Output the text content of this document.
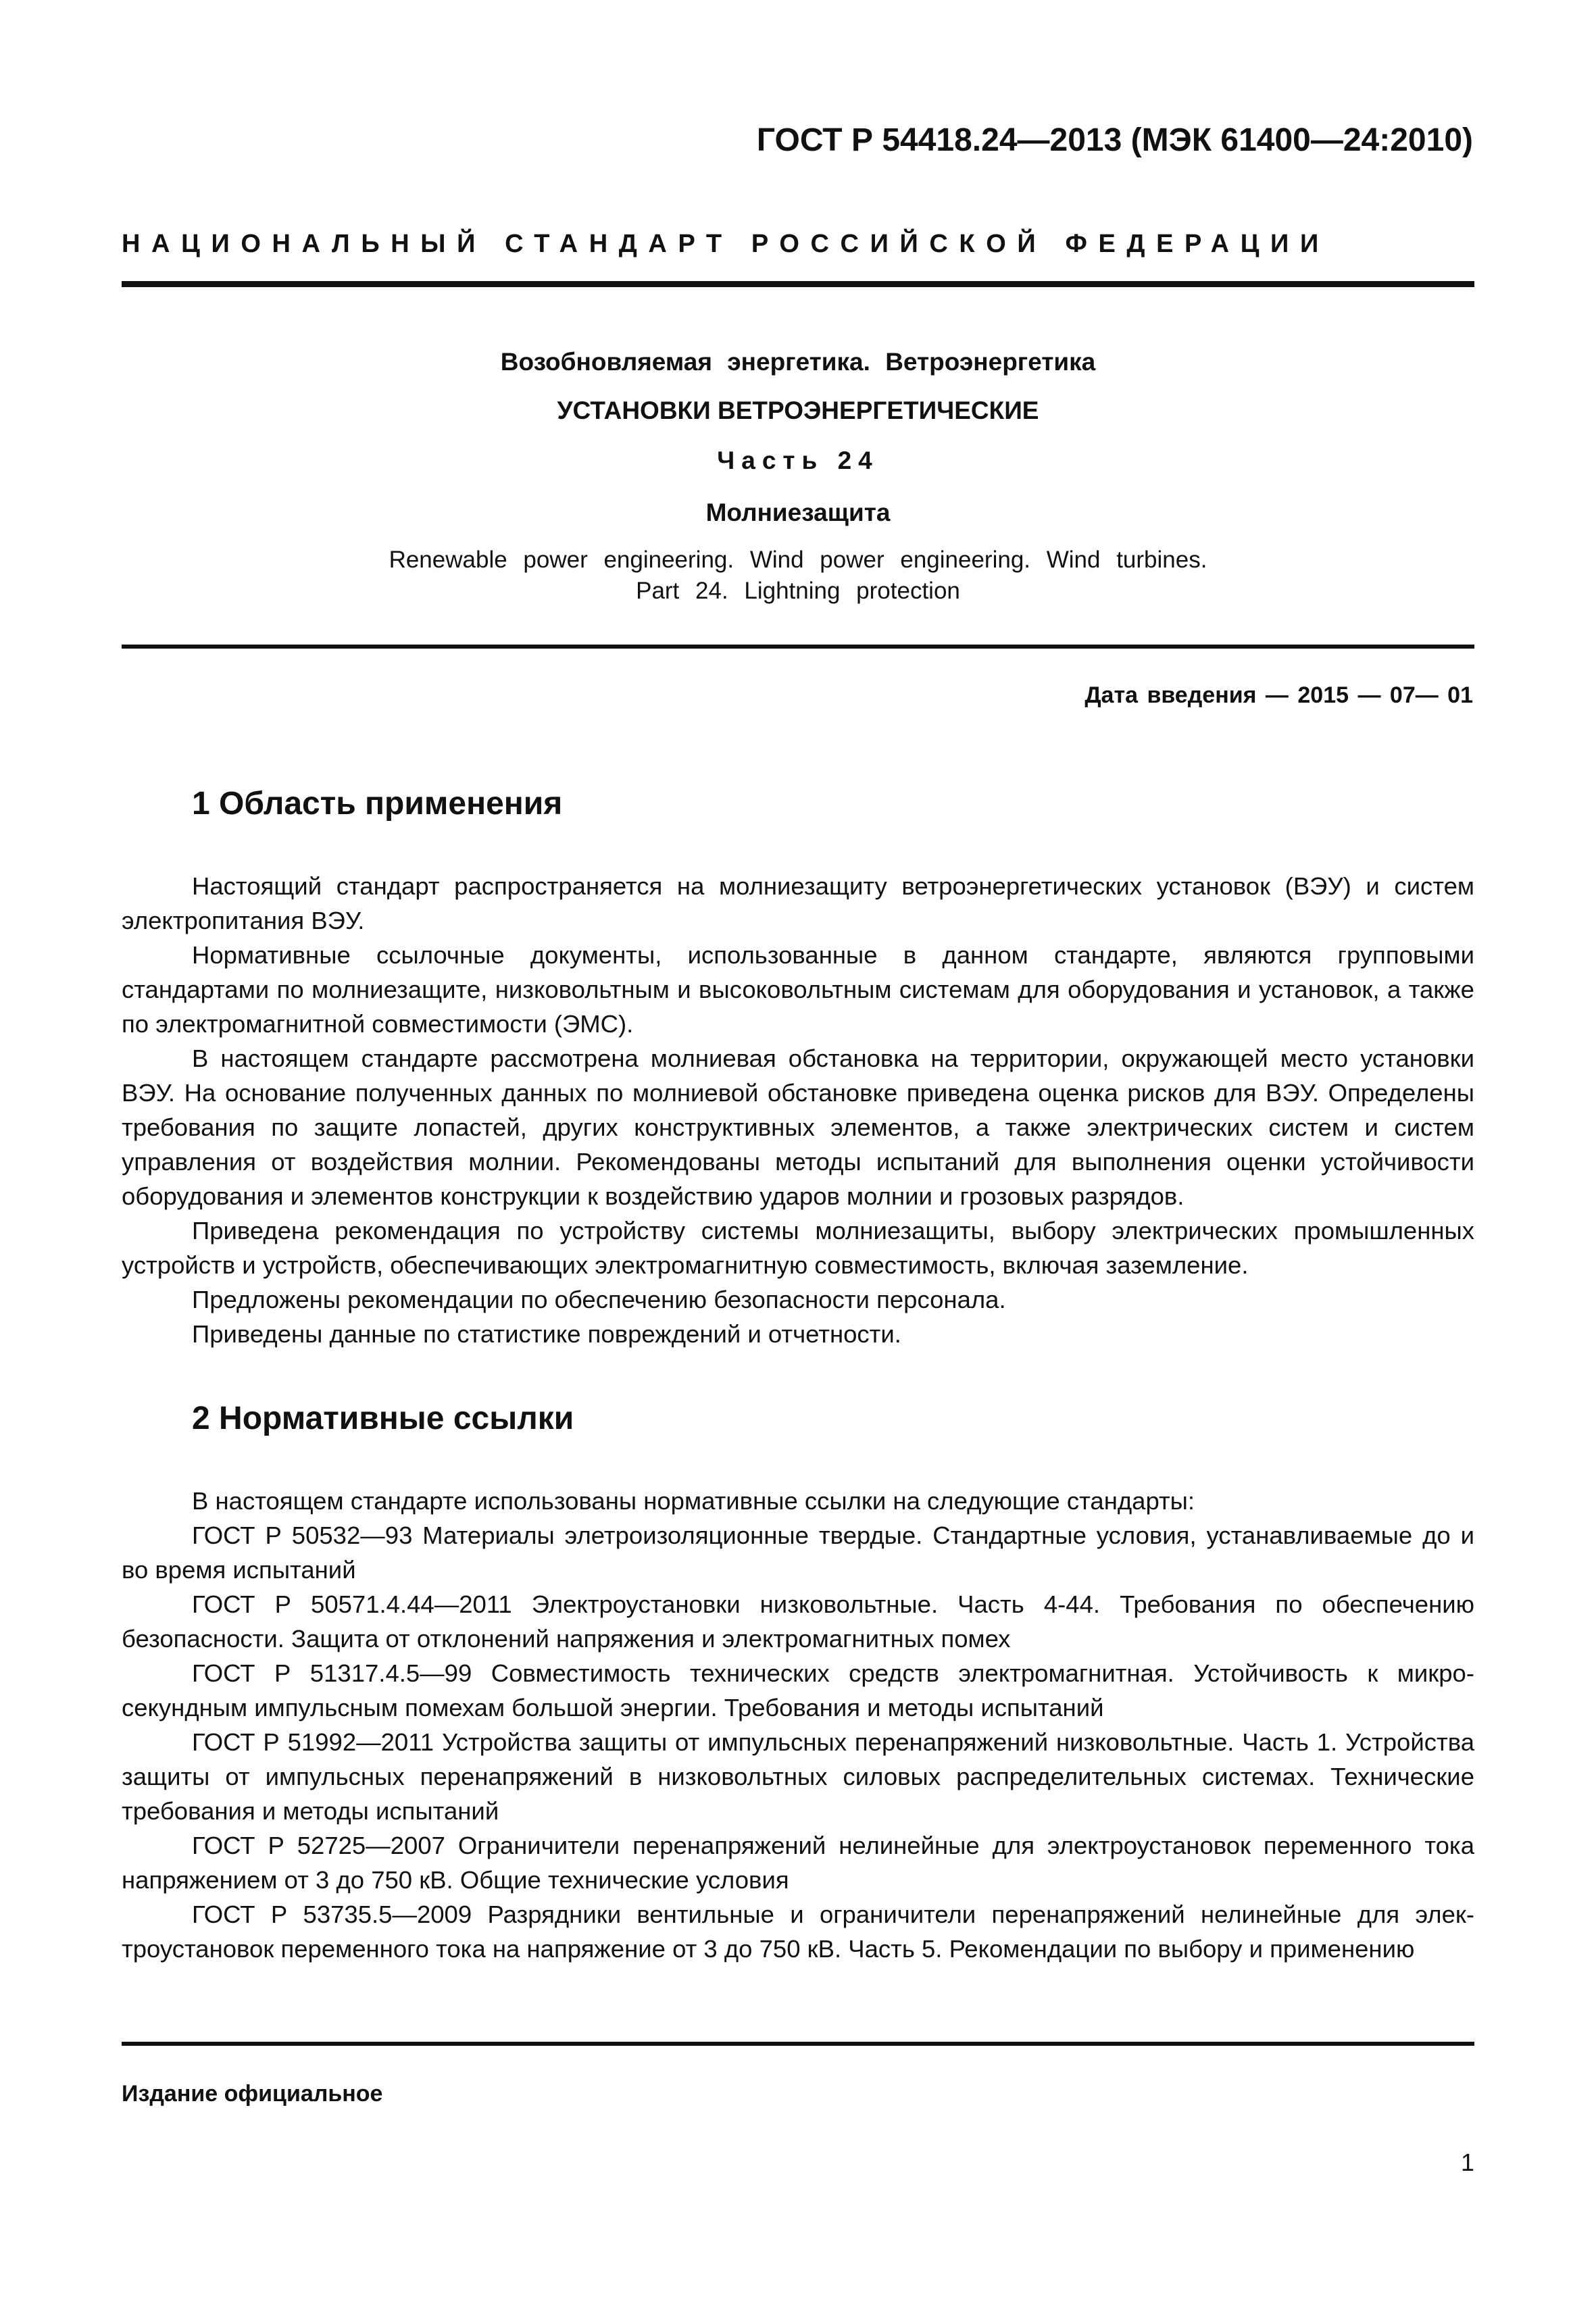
ГОСТ Р 54418.24—2013 (МЭК 61400—24:2010)
НАЦИОНАЛЬНЫЙ СТАНДАРТ РОССИЙСКОЙ ФЕДЕРАЦИИ
Возобновляемая энергетика. Ветроэнергетика
УСТАНОВКИ ВЕТРОЭНЕРГЕТИЧЕСКИЕ
Часть 24
Молниезащита
Renewable power engineering. Wind power engineering. Wind turbines.
Part 24. Lightning protection
Дата введения — 2015 — 07— 01
1 Область применения

Настоящий стандарт распространяется на молниезащиту ветроэнергетических установок (ВЭУ) и систем электропитания ВЭУ.

Нормативные ссылочные документы, использованные в данном стандарте, являются групповыми стандартами по молниезащите, низковольтным и высоковольтным системам для оборудования и установок, а также по электромагнитной совместимости (ЭМС).

В настоящем стандарте рассмотрена молниевая обстановка на территории, окружающей место установки ВЭУ. На основание полученных данных по молниевой обстановке приведена оценка рисков для ВЭУ. Определены требования по защите лопастей, других конструктивных элементов, а также электрических систем и систем управления от воздействия молнии. Рекомендованы методы испытаний для выполнения оценки устойчивости оборудования и элементов конструкции к воздействию ударов молнии и грозовых разрядов.

Приведена рекомендация по устройству системы молниезащиты, выбору электрических промышленных устройств и устройств, обеспечивающих электромагнитную совместимость, включая заземление.

Предложены рекомендации по обеспечению безопасности персонала.

Приведены данные по статистике повреждений и отчетности.

2 Нормативные ссылки

В настоящем стандарте использованы нормативные ссылки на следующие стандарты:

ГОСТ Р 50532—93 Материалы элетроизоляционные твердые. Стандартные условия, устанавливаемые до и во время испытаний

ГОСТ Р 50571.4.44—2011 Электроустановки низковольтные. Часть 4-44. Требования по обеспечению безопасности. Защита от отклонений напряжения и электромагнитных помех

ГОСТ Р 51317.4.5—99 Совместимость технических средств электромагнитная. Устойчивость к микросекундным импульсным помехам большой энергии. Требования и методы испытаний

ГОСТ Р 51992—2011 Устройства защиты от импульсных перенапряжений низковольтные. Часть 1. Устройства защиты от импульсных перенапряжений в низковольтных силовых распределительных системах. Технические требования и методы испытаний

ГОСТ Р 52725—2007 Ограничители перенапряжений нелинейные для электроустановок переменного тока напряжением от 3 до 750 кВ. Общие технические условия

ГОСТ Р 53735.5—2009 Разрядники вентильные и ограничители перенапряжений нелинейные для электроустановок переменного тока на напряжение от 3 до 750 кВ. Часть 5. Рекомендации по выбору и применению

Издание официальное
1
